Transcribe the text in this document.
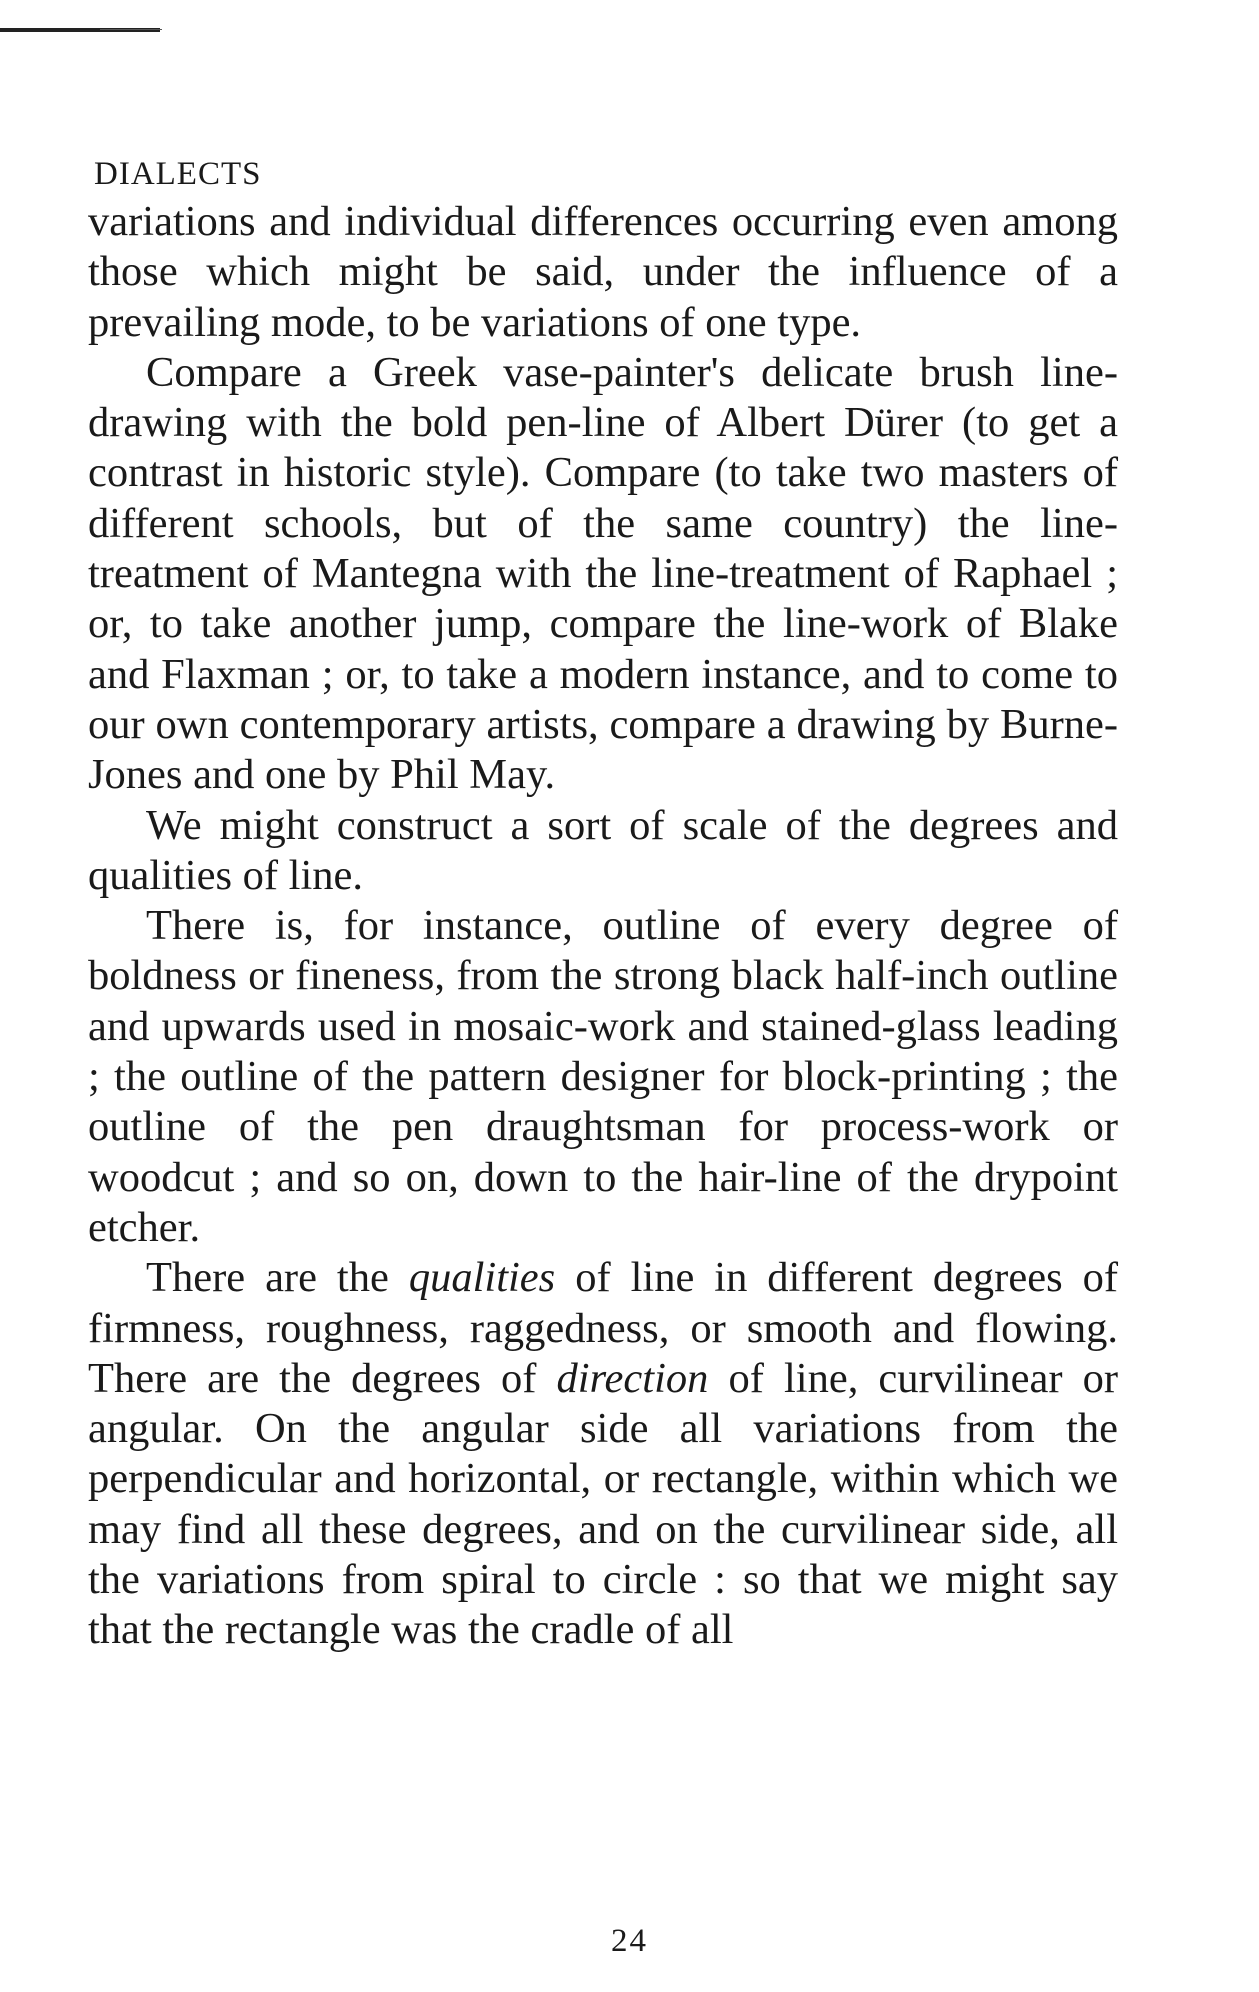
DIALECTS

variations and individual differences occurring even among those which might be said, under the influence of a prevailing mode, to be variations of one type.

Compare a Greek vase-painter's delicate brush line-drawing with the bold pen-line of Albert Dürer (to get a contrast in historic style). Compare (to take two masters of different schools, but of the same country) the line-treatment of Mantegna with the line-treatment of Raphael ; or, to take another jump, compare the line-work of Blake and Flaxman ; or, to take a modern instance, and to come to our own contemporary artists, compare a drawing by Burne-Jones and one by Phil May.

We might construct a sort of scale of the degrees and qualities of line.

There is, for instance, outline of every degree of boldness or fineness, from the strong black half-inch outline and upwards used in mosaic-work and stained-glass leading ; the outline of the pattern designer for block-printing ; the outline of the pen draughtsman for process-work or woodcut ; and so on, down to the hair-line of the drypoint etcher.

There are the qualities of line in different degrees of firmness, roughness, raggedness, or smooth and flowing. There are the degrees of direction of line, curvilinear or angular. On the angular side all variations from the perpendicular and horizontal, or rectangle, within which we may find all these degrees, and on the curvilinear side, all the variations from spiral to circle : so that we might say that the rectangle was the cradle of all

24
